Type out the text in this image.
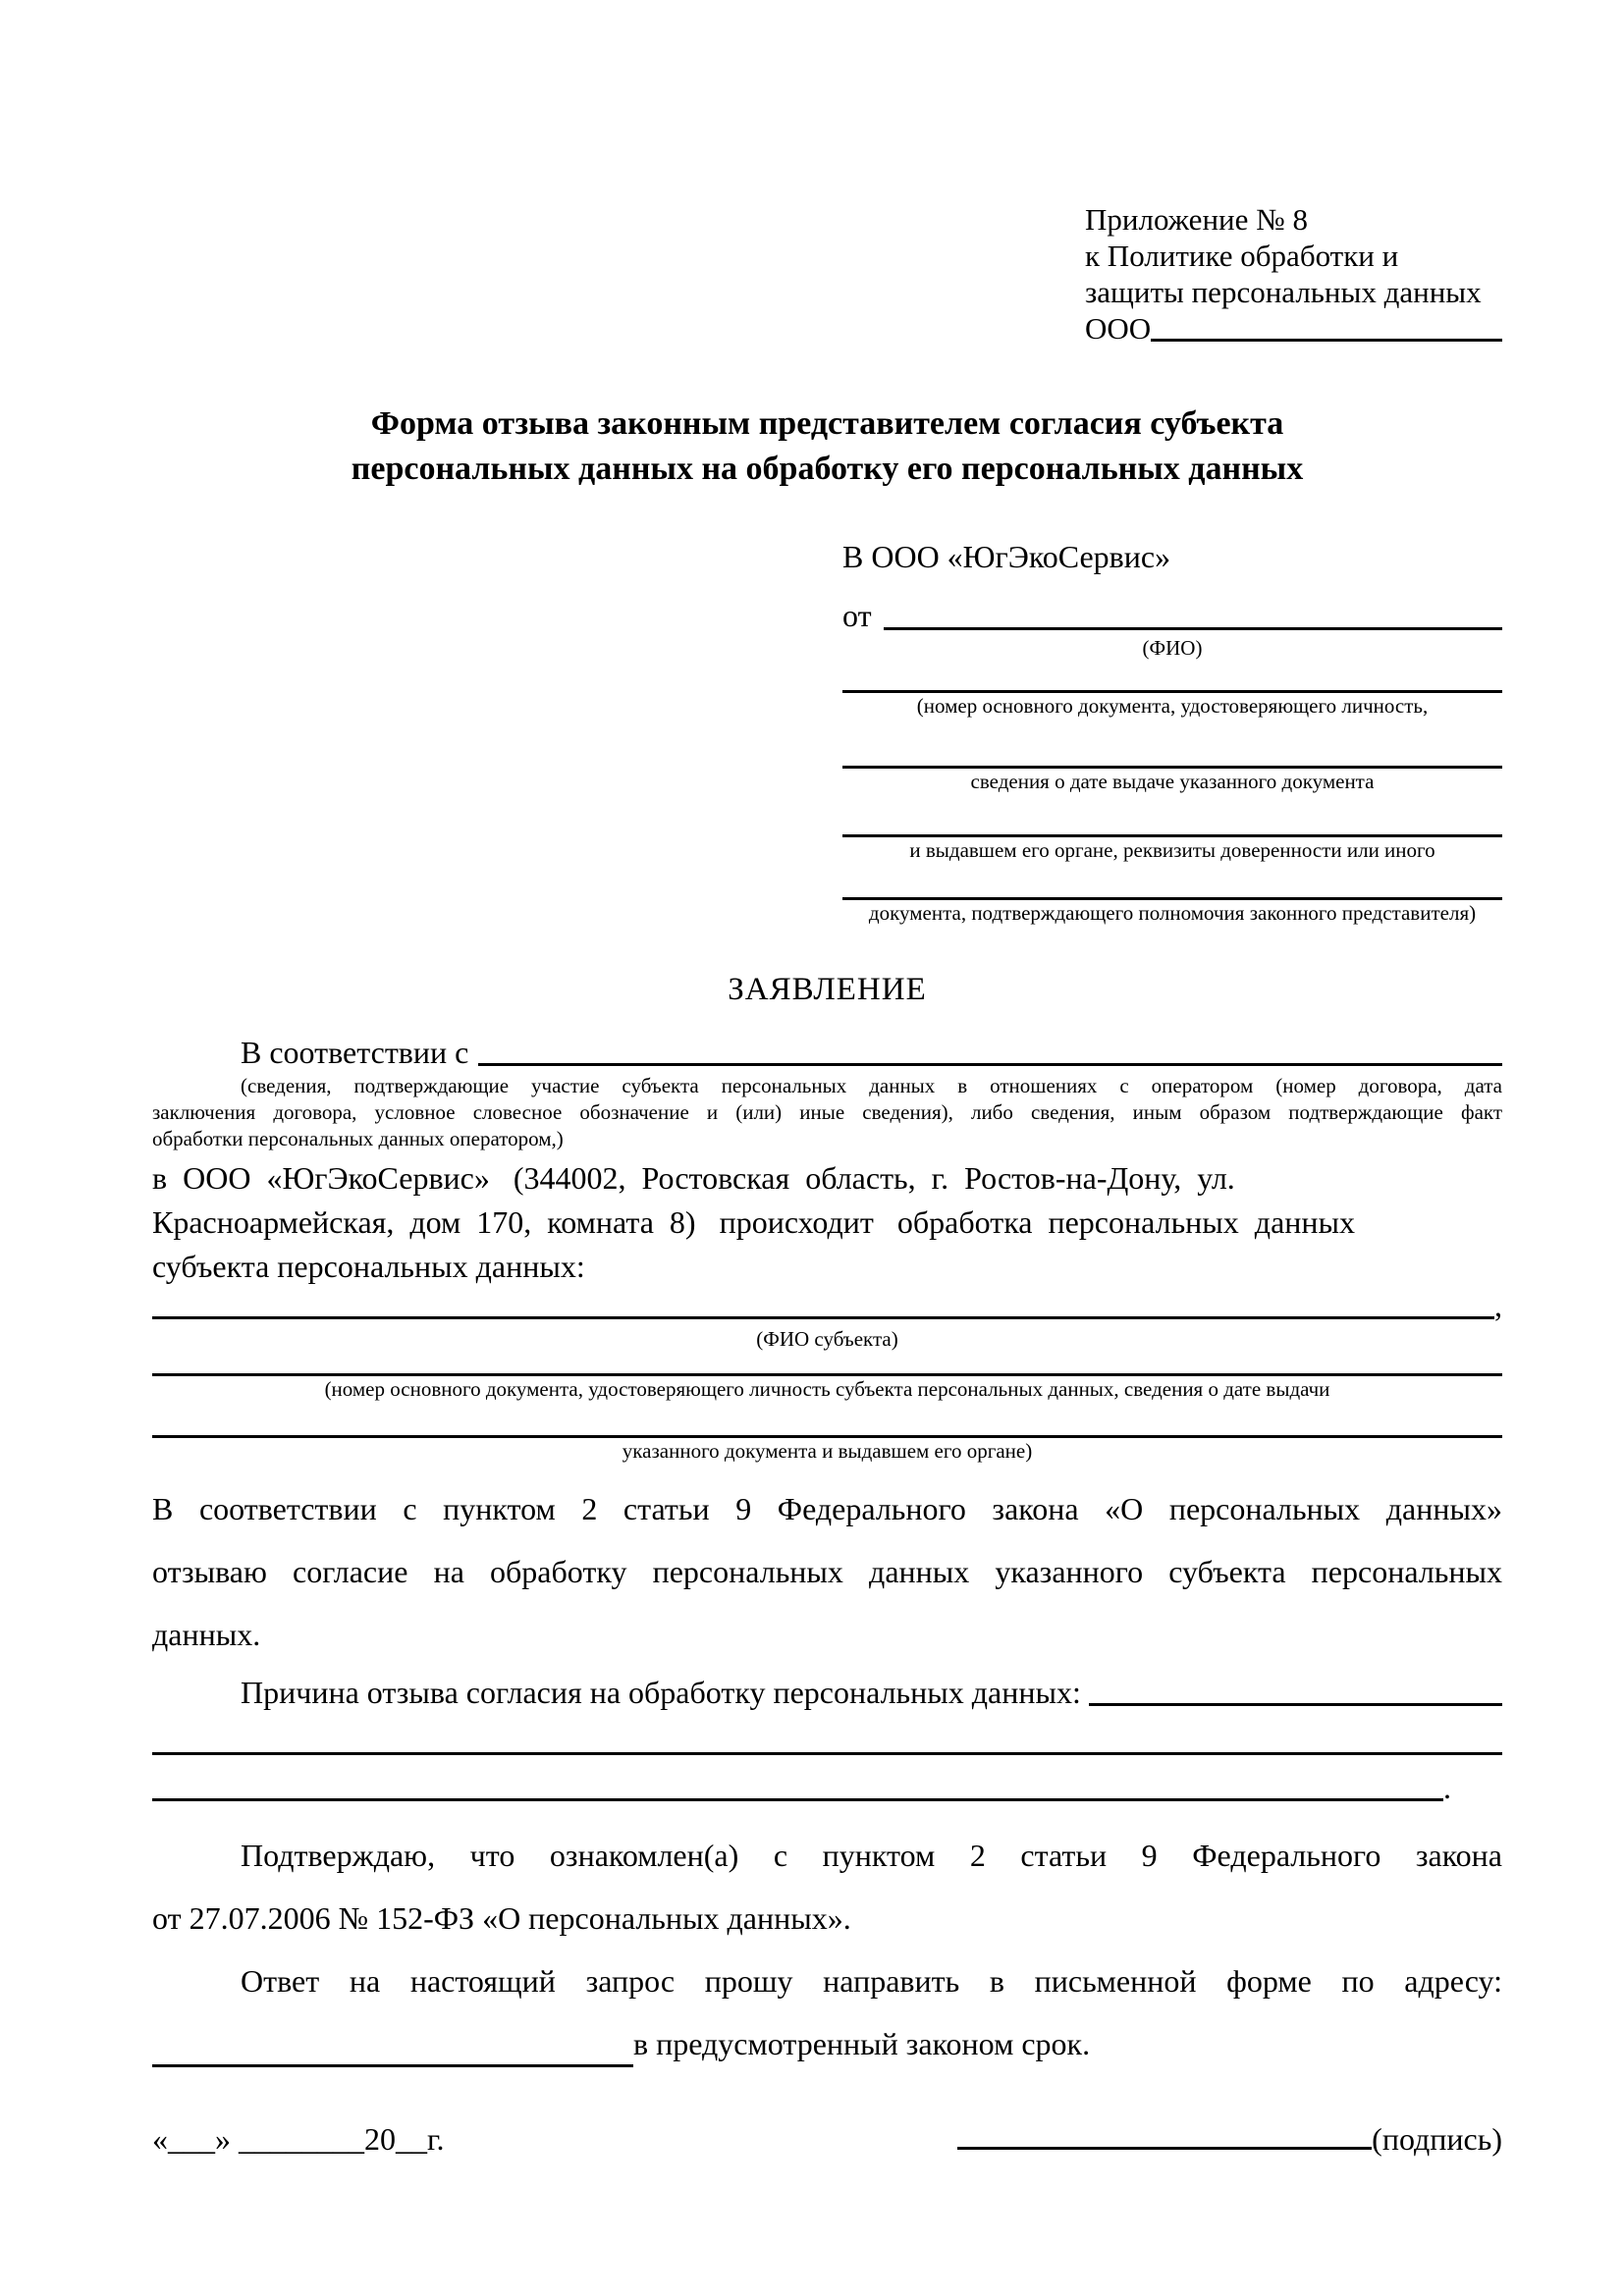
Приложение № 8
к Политике обработки и
защиты персональных данных
ООО
Форма отзыва законным представителем согласия субъекта
персональных данных на обработку его персональных данных
В ООО «ЮгЭкоСервис»
от
(ФИО)
(номер основного документа, удостоверяющего личность,
сведения о дате выдаче указанного документа
и выдавшем его органе, реквизиты доверенности или иного
документа, подтверждающего полномочия законного представителя)
ЗАЯВЛЕНИЕ
В соответствии с
(сведения, подтверждающие участие субъекта персональных данных в отношениях с оператором (номер договора, дата
заключения договора, условное словесное обозначение и (или) иные сведения), либо сведения, иным образом подтверждающие факт
обработки персональных данных оператором,)
в  ООО  «ЮгЭкоСервис»   (344002,  Ростовская  область,  г.  Ростов-на-Дону,  ул.
Красноармейская,  дом  170,  комната  8)   происходит   обработка  персональных  данных
субъекта персональных данных:
,
(ФИО субъекта)
(номер основного документа, удостоверяющего личность субъекта персональных данных, сведения о дате выдачи
указанного документа и выдавшем его органе)
В соответствии с пунктом 2 статьи 9 Федерального закона «О персональных данных»
отзываю согласие на обработку персональных данных указанного субъекта персональных
данных.
Причина отзыва согласия на обработку персональных данных:
.
Подтверждаю, что ознакомлен(а) с пунктом 2 статьи 9 Федерального закона
от 27.07.2006 № 152-ФЗ «О персональных данных».
Ответ на настоящий запрос прошу направить в письменной форме по адресу:
в предусмотренный законом срок.
«___» ________20__г.	(подпись)
